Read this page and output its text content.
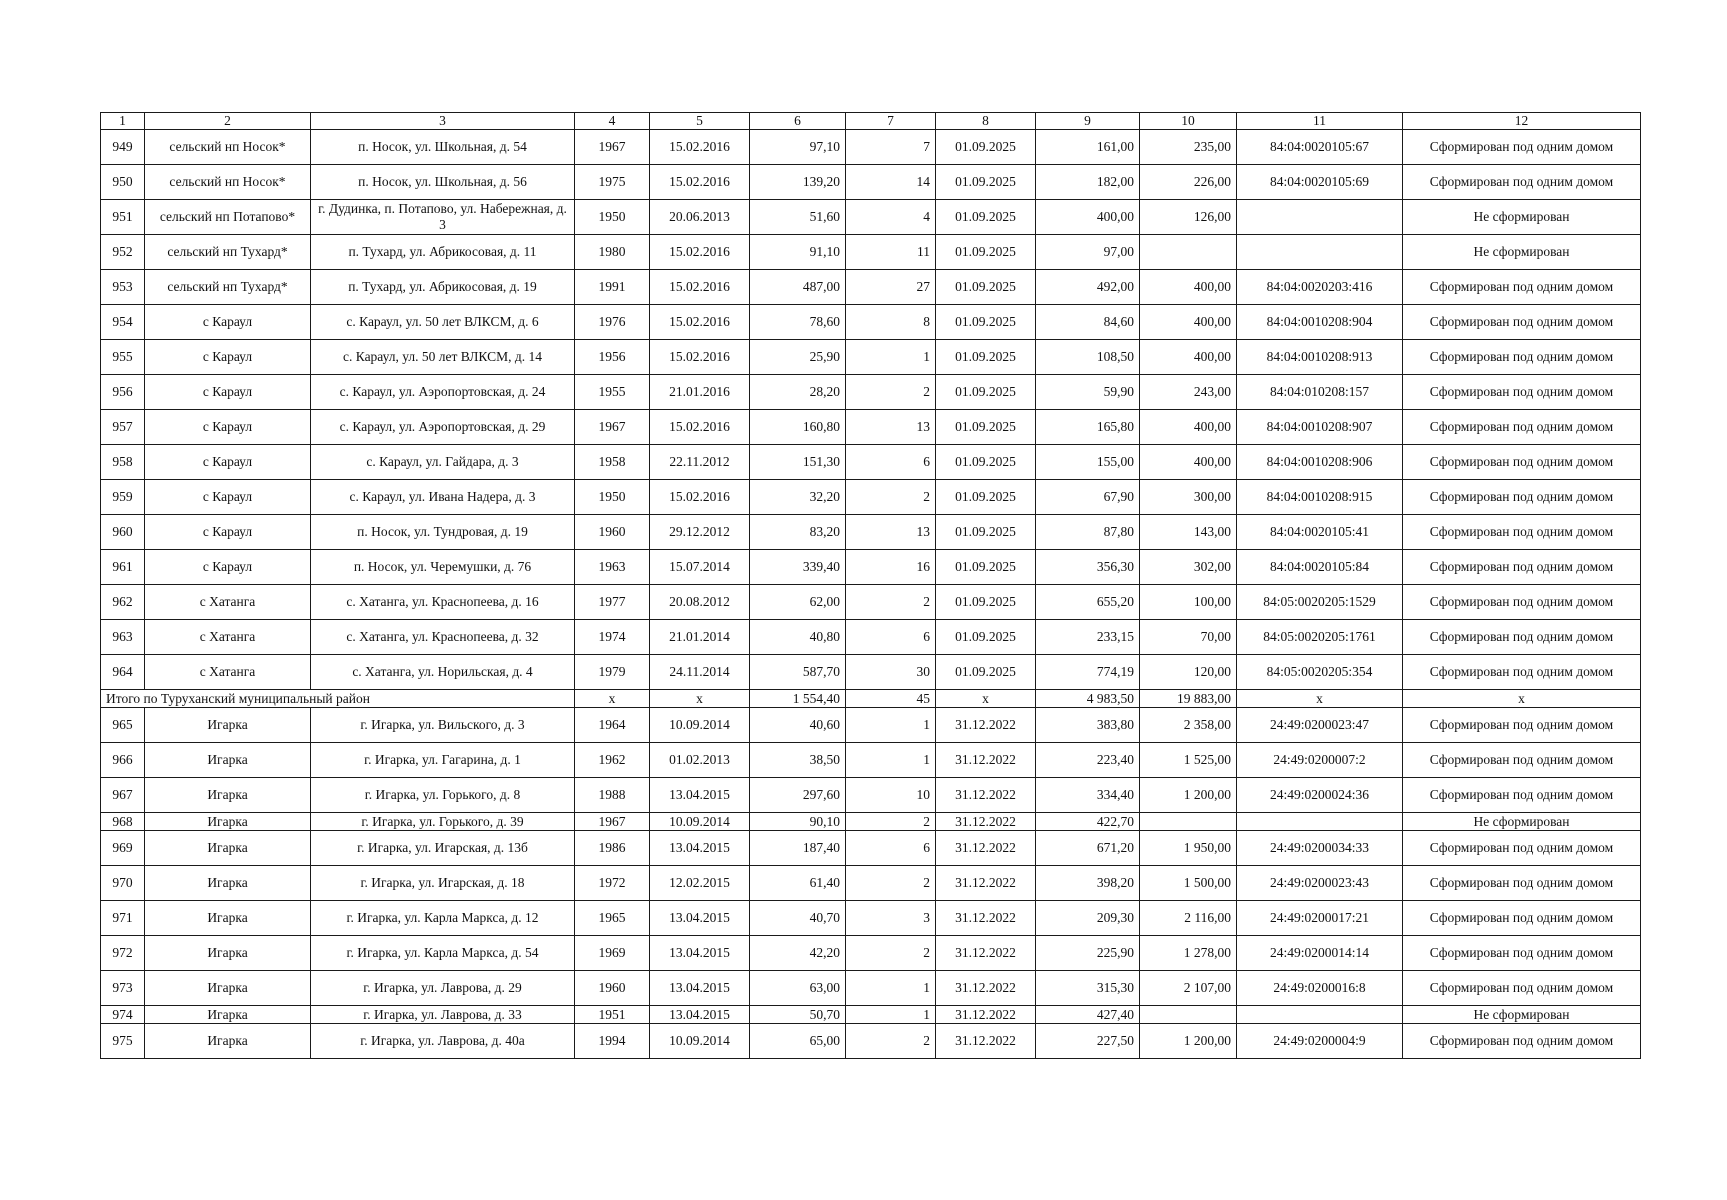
1	2	3	4	5	6	7	8	9	10	11	12
949	сельский нп Носок*	п. Носок, ул. Школьная, д. 54	1967	15.02.2016	97,10	7	01.09.2025	161,00	235,00	84:04:0020105:67	Сформирован под одним домом
950	сельский нп Носок*	п. Носок, ул. Школьная, д. 56	1975	15.02.2016	139,20	14	01.09.2025	182,00	226,00	84:04:0020105:69	Сформирован под одним домом
951	сельский нп Потапово*	г. Дудинка, п. Потапово, ул. Набережная, д. 3	1950	20.06.2013	51,60	4	01.09.2025	400,00	126,00		Не сформирован
952	сельский нп Тухард*	п. Тухард, ул. Абрикосовая, д. 11	1980	15.02.2016	91,10	11	01.09.2025	97,00			Не сформирован
953	сельский нп Тухард*	п. Тухард, ул. Абрикосовая, д. 19	1991	15.02.2016	487,00	27	01.09.2025	492,00	400,00	84:04:0020203:416	Сформирован под одним домом
954	с Караул	с. Караул, ул. 50 лет ВЛКСМ, д. 6	1976	15.02.2016	78,60	8	01.09.2025	84,60	400,00	84:04:0010208:904	Сформирован под одним домом
955	с Караул	с. Караул, ул. 50 лет ВЛКСМ, д. 14	1956	15.02.2016	25,90	1	01.09.2025	108,50	400,00	84:04:0010208:913	Сформирован под одним домом
956	с Караул	с. Караул, ул. Аэропортовская, д. 24	1955	21.01.2016	28,20	2	01.09.2025	59,90	243,00	84:04:010208:157	Сформирован под одним домом
957	с Караул	с. Караул, ул. Аэропортовская, д. 29	1967	15.02.2016	160,80	13	01.09.2025	165,80	400,00	84:04:0010208:907	Сформирован под одним домом
958	с Караул	с. Караул, ул. Гайдара, д. 3	1958	22.11.2012	151,30	6	01.09.2025	155,00	400,00	84:04:0010208:906	Сформирован под одним домом
959	с Караул	с. Караул, ул. Ивана Надера, д. 3	1950	15.02.2016	32,20	2	01.09.2025	67,90	300,00	84:04:0010208:915	Сформирован под одним домом
960	с Караул	п. Носок, ул. Тундровая, д. 19	1960	29.12.2012	83,20	13	01.09.2025	87,80	143,00	84:04:0020105:41	Сформирован под одним домом
961	с Караул	п. Носок, ул. Черемушки, д. 76	1963	15.07.2014	339,40	16	01.09.2025	356,30	302,00	84:04:0020105:84	Сформирован под одним домом
962	с Хатанга	с. Хатанга, ул. Краснопеева, д. 16	1977	20.08.2012	62,00	2	01.09.2025	655,20	100,00	84:05:0020205:1529	Сформирован под одним домом
963	с Хатанга	с. Хатанга, ул. Краснопеева, д. 32	1974	21.01.2014	40,80	6	01.09.2025	233,15	70,00	84:05:0020205:1761	Сформирован под одним домом
964	с Хатанга	с. Хатанга, ул. Норильская, д. 4	1979	24.11.2014	587,70	30	01.09.2025	774,19	120,00	84:05:0020205:354	Сформирован под одним домом
Итого по Туруханский муниципальный район			x	x	1 554,40	45	x	4 983,50	19 883,00	x	x
965	Игарка	г. Игарка, ул. Вильского, д. 3	1964	10.09.2014	40,60	1	31.12.2022	383,80	2 358,00	24:49:0200023:47	Сформирован под одним домом
966	Игарка	г. Игарка, ул. Гагарина, д. 1	1962	01.02.2013	38,50	1	31.12.2022	223,40	1 525,00	24:49:0200007:2	Сформирован под одним домом
967	Игарка	г. Игарка, ул. Горького, д. 8	1988	13.04.2015	297,60	10	31.12.2022	334,40	1 200,00	24:49:0200024:36	Сформирован под одним домом
968	Игарка	г. Игарка, ул. Горького, д. 39	1967	10.09.2014	90,10	2	31.12.2022	422,70			Не сформирован
969	Игарка	г. Игарка, ул. Игарская, д. 13б	1986	13.04.2015	187,40	6	31.12.2022	671,20	1 950,00	24:49:0200034:33	Сформирован под одним домом
970	Игарка	г. Игарка, ул. Игарская, д. 18	1972	12.02.2015	61,40	2	31.12.2022	398,20	1 500,00	24:49:0200023:43	Сформирован под одним домом
971	Игарка	г. Игарка, ул. Карла Маркса, д. 12	1965	13.04.2015	40,70	3	31.12.2022	209,30	2 116,00	24:49:0200017:21	Сформирован под одним домом
972	Игарка	г. Игарка, ул. Карла Маркса, д. 54	1969	13.04.2015	42,20	2	31.12.2022	225,90	1 278,00	24:49:0200014:14	Сформирован под одним домом
973	Игарка	г. Игарка, ул. Лаврова, д. 29	1960	13.04.2015	63,00	1	31.12.2022	315,30	2 107,00	24:49:0200016:8	Сформирован под одним домом
974	Игарка	г. Игарка, ул. Лаврова, д. 33	1951	13.04.2015	50,70	1	31.12.2022	427,40			Не сформирован
975	Игарка	г. Игарка, ул. Лаврова, д. 40а	1994	10.09.2014	65,00	2	31.12.2022	227,50	1 200,00	24:49:0200004:9	Сформирован под одним домом
